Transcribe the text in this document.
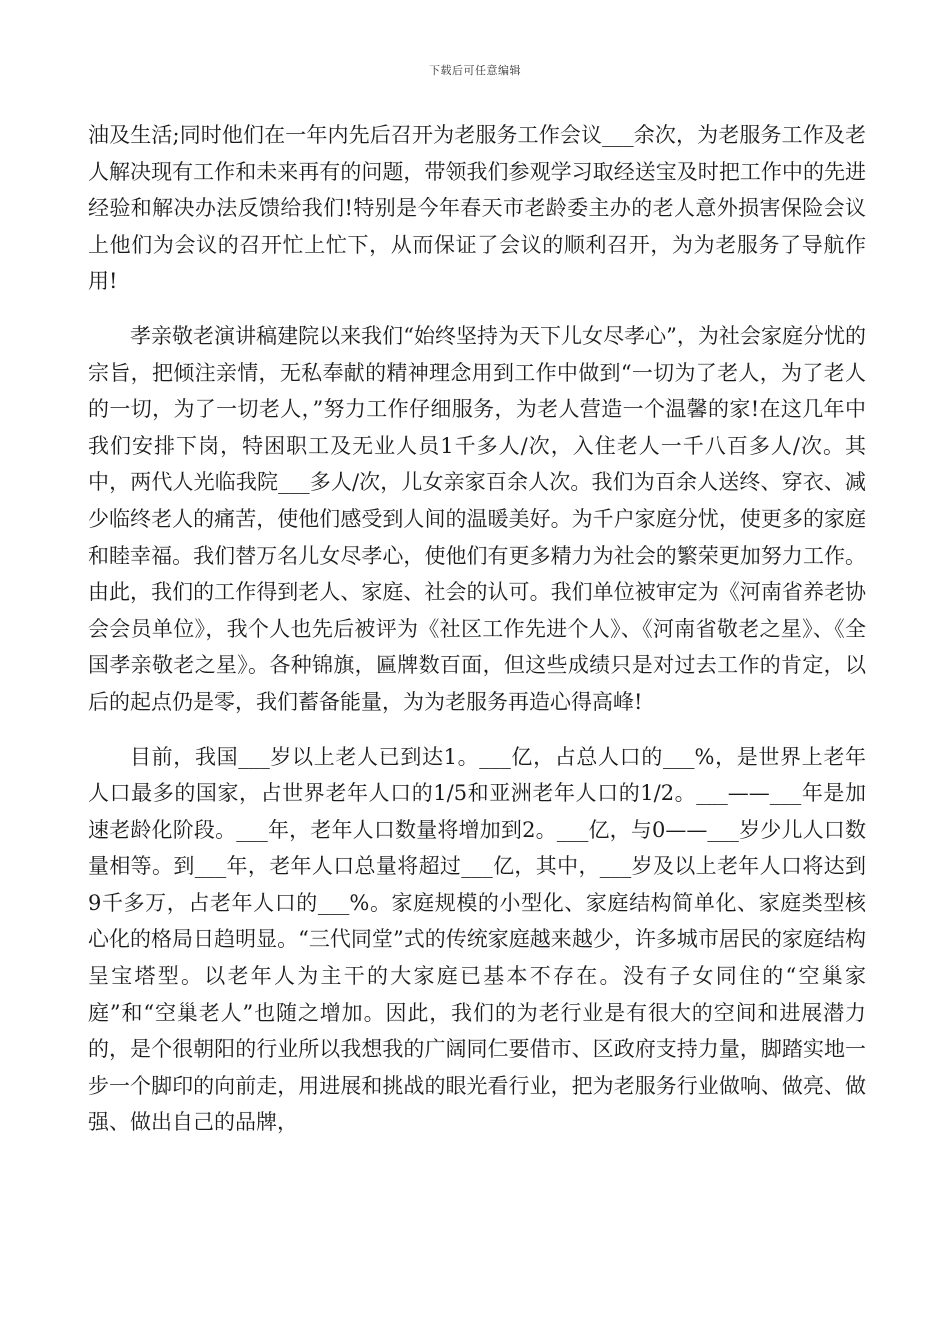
下载后可任意编辑

油及生活;同时他们在一年内先后召开为老服务工作会议___余次，为老服务工作及老人解决现有工作和未来再有的问题，带领我们参观学习取经送宝及时把工作中的先进经验和解决办法反馈给我们!特别是今年春天市老龄委主办的老人意外损害保险会议上他们为会议的召开忙上忙下，从而保证了会议的顺利召开，为为老服务了导航作用!

孝亲敬老演讲稿建院以来我们“始终坚持为天下儿女尽孝心”，为社会家庭分忧的宗旨，把倾注亲情，无私奉献的精神理念用到工作中做到“一切为了老人，为了老人的一切，为了一切老人，”努力工作仔细服务，为老人营造一个温馨的家!在这几年中我们安排下岗，特困职工及无业人员1千多人/次，入住老人一千八百多人/次。其中，两代人光临我院___多人/次，儿女亲家百余人次。我们为百余人送终、穿衣、减少临终老人的痛苦，使他们感受到人间的温暖美好。为千户家庭分忧，使更多的家庭和睦幸福。我们替万名儿女尽孝心，使他们有更多精力为社会的繁荣更加努力工作。由此，我们的工作得到老人、家庭、社会的认可。我们单位被审定为《河南省养老协会会员单位》，我个人也先后被评为《社区工作先进个人》、《河南省敬老之星》、《全国孝亲敬老之星》。各种锦旗，匾牌数百面，但这些成绩只是对过去工作的肯定，以后的起点仍是零，我们蓄备能量，为为老服务再造心得高峰!

目前，我国___岁以上老人已到达1。___亿，占总人口的___%，是世界上老年人口最多的国家，占世界老年人口的1/5和亚洲老年人口的1/2。___——___年是加速老龄化阶段。___年，老年人口数量将增加到2。___亿，与0——___岁少儿人口数量相等。到___年，老年人口总量将超过___亿，其中，___岁及以上老年人口将达到9千多万，占老年人口的___%。家庭规模的小型化、家庭结构简单化、家庭类型核心化的格局日趋明显。“三代同堂”式的传统家庭越来越少，许多城市居民的家庭结构呈宝塔型。以老年人为主干的大家庭已基本不存在。没有子女同住的“空巢家庭”和“空巢老人”也随之增加。因此，我们的为老行业是有很大的空间和进展潜力的，是个很朝阳的行业所以我想我的广阔同仁要借市、区政府支持力量，脚踏实地一步一个脚印的向前走，用进展和挑战的眼光看行业，把为老服务行业做响、做亮、做强、做出自己的品牌，
